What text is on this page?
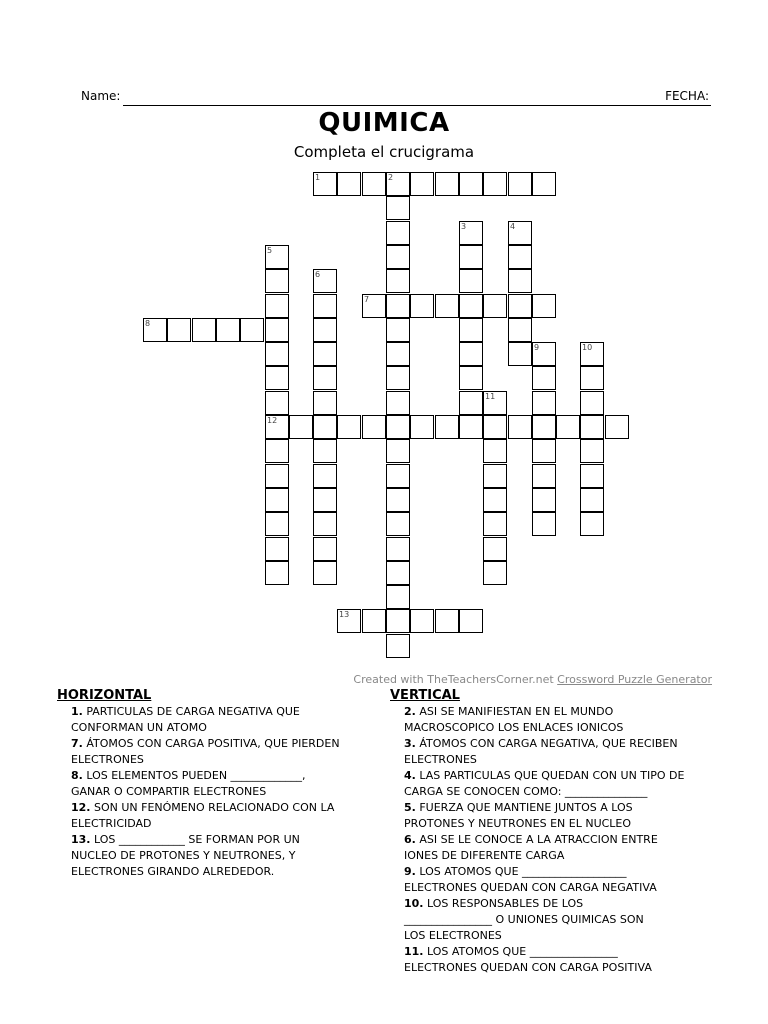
Name:	FECHA:
QUIMICA
Completa el crucigrama
1	2
3	4
5
12
6
7
8
9	10
11
13
Created with TheTeachersCorner.net Crossword Puzzle Generator
HORIZONTAL
1. PARTICULAS DE CARGA NEGATIVA QUE
CONFORMAN UN ATOMO
7. ÁTOMOS CON CARGA POSITIVA, QUE PIERDEN
ELECTRONES
8. LOS ELEMENTOS PUEDEN _____________,
GANAR O COMPARTIR ELECTRONES
12. SON UN FENÓMENO RELACIONADO CON LA
ELECTRICIDAD
13. LOS ____________ SE FORMAN POR UN
NUCLEO DE PROTONES Y NEUTRONES, Y
ELECTRONES GIRANDO ALREDEDOR.
VERTICAL
2. ASI SE MANIFIESTAN EN EL MUNDO
MACROSCOPICO LOS ENLACES IONICOS
3. ÁTOMOS CON CARGA NEGATIVA, QUE RECIBEN
ELECTRONES
4. LAS PARTICULAS QUE QUEDAN CON UN TIPO DE
CARGA SE CONOCEN COMO: _______________
5. FUERZA QUE MANTIENE JUNTOS A LOS
PROTONES Y NEUTRONES EN EL NUCLEO
6. ASI SE LE CONOCE A LA ATRACCION ENTRE
IONES DE DIFERENTE CARGA
9. LOS ATOMOS QUE ___________________
ELECTRONES QUEDAN CON CARGA NEGATIVA
10. LOS RESPONSABLES DE LOS
________________ O UNIONES QUIMICAS SON
LOS ELECTRONES
11. LOS ATOMOS QUE ________________
ELECTRONES QUEDAN CON CARGA POSITIVA
